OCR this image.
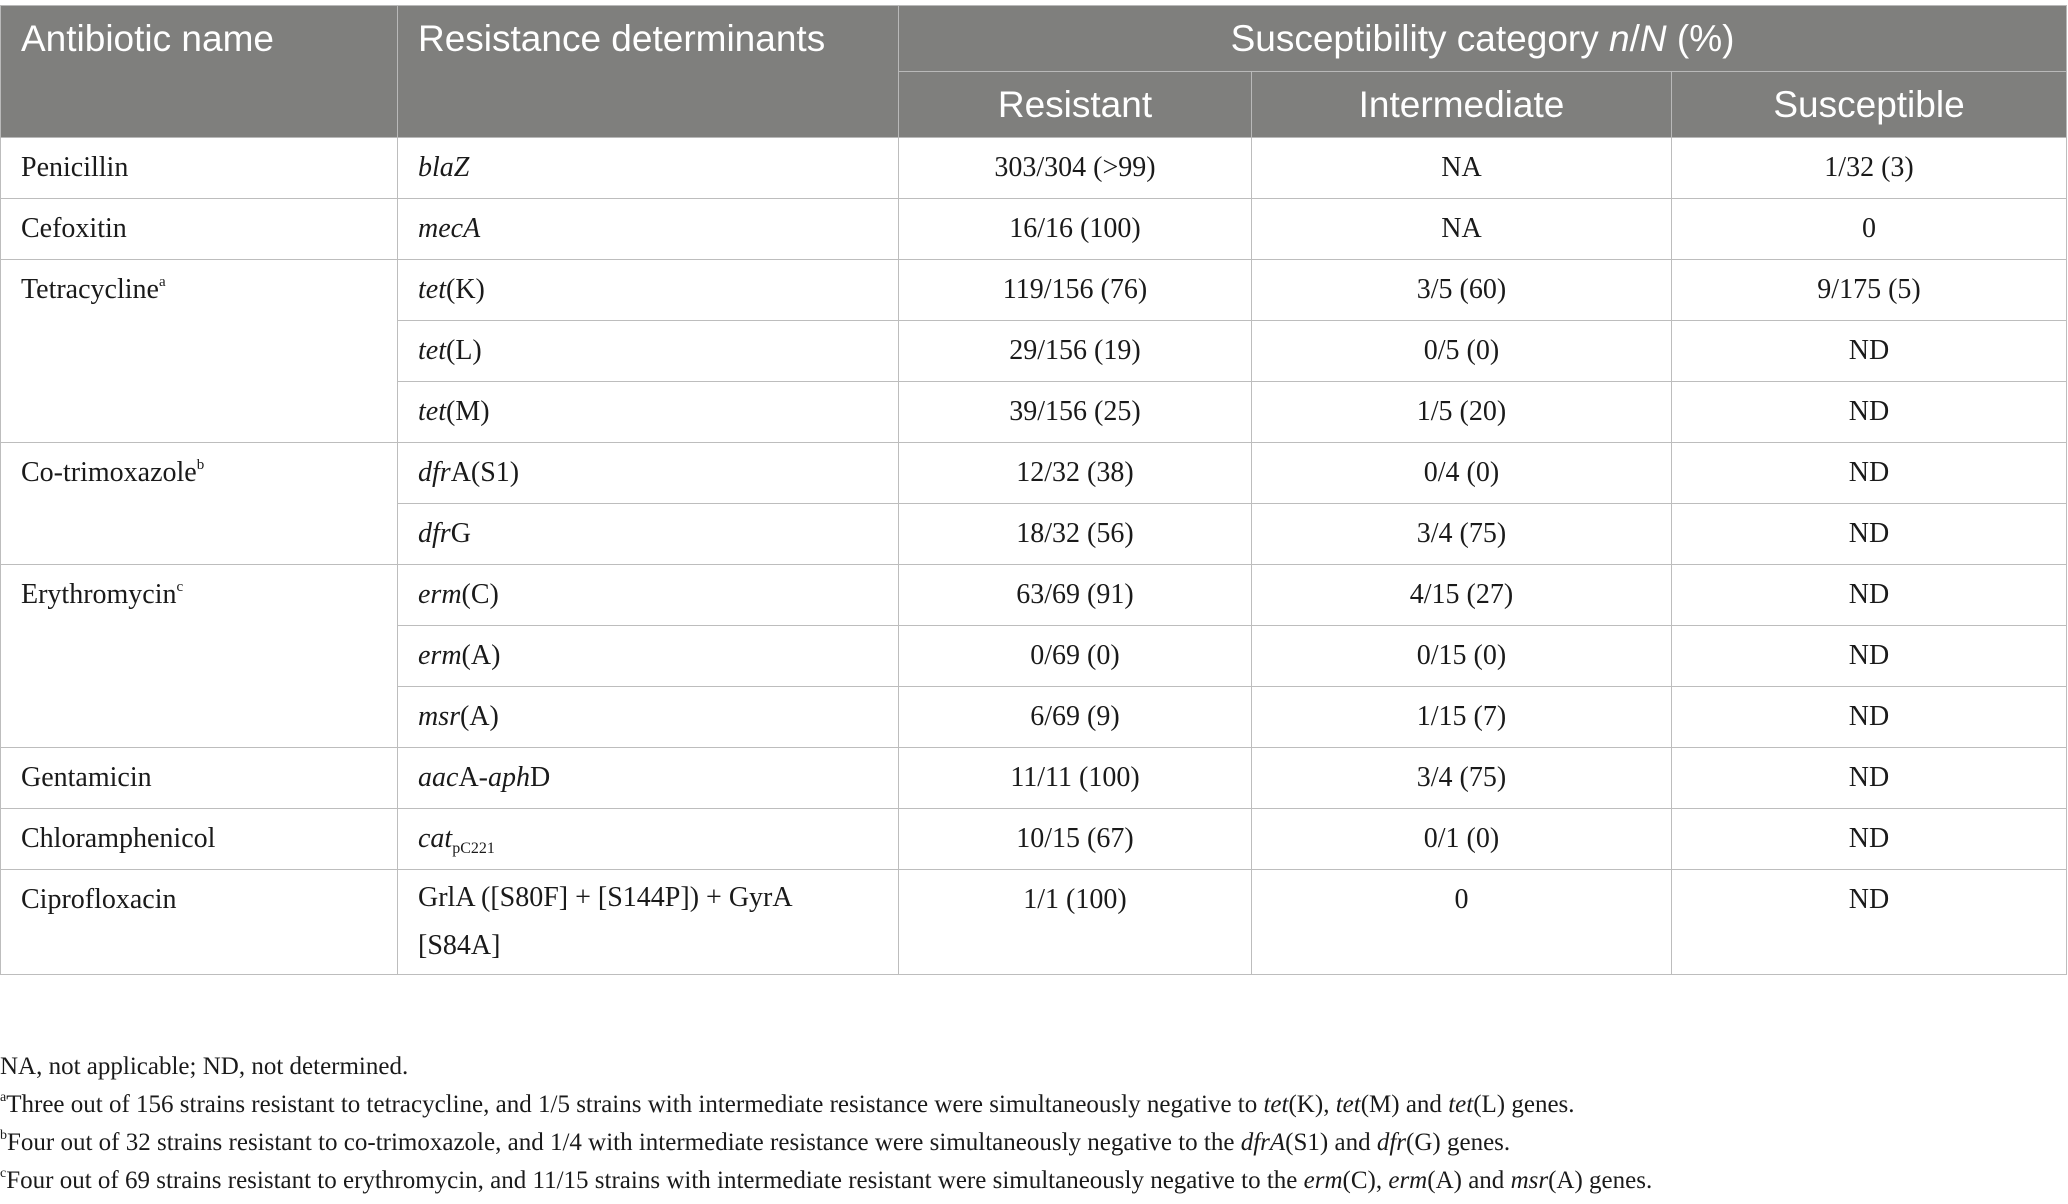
Antibiotic name	Resistance determinants	Susceptibility category n/N (%)		
		Resistant	Intermediate	Susceptible
Penicillin	blaZ	303/304 (>99)	NA	1/32 (3)
Cefoxitin	mecA	16/16 (100)	NA	0
Tetracycline$^a$	tet(K)	119/156 (76)	3/5 (60)	9/175 (5)
	tet(L)	29/156 (19)	0/5 (0)	ND
	tet(M)	39/156 (25)	1/5 (20)	ND
Co-trimoxazole$^b$	dfrA(S1)	12/32 (38)	0/4 (0)	ND
	dfrG	18/32 (56)	3/4 (75)	ND
Erythromycin$^c$	erm(C)	63/69 (91)	4/15 (27)	ND
	erm(A)	0/69 (0)	0/15 (0)	ND
	msr(A)	6/69 (9)	1/15 (7)	ND
Gentamicin	aacA-aphD	11/11 (100)	3/4 (75)	ND
Chloramphenicol	cat$_{pC221}$	10/15 (67)	0/1 (0)	ND
Ciprofloxacin	GrlA ([S80F] + [S144P]) + GyrA
[S84A]	1/1 (100)	0	ND

NA, not applicable; ND, not determined.

$^a$Three out of 156 strains resistant to tetracycline, and 1/5 strains with intermediate resistance were simultaneously negative to tet(K), tet(M) and tet(L) genes.

$^b$Four out of 32 strains resistant to co-trimoxazole, and 1/4 with intermediate resistance were simultaneously negative to the dfrA(S1) and dfr(G) genes.

$^c$Four out of 69 strains resistant to erythromycin, and 11/15 strains with intermediate resistant were simultaneously negative to the erm(C), erm(A) and msr(A) genes.
